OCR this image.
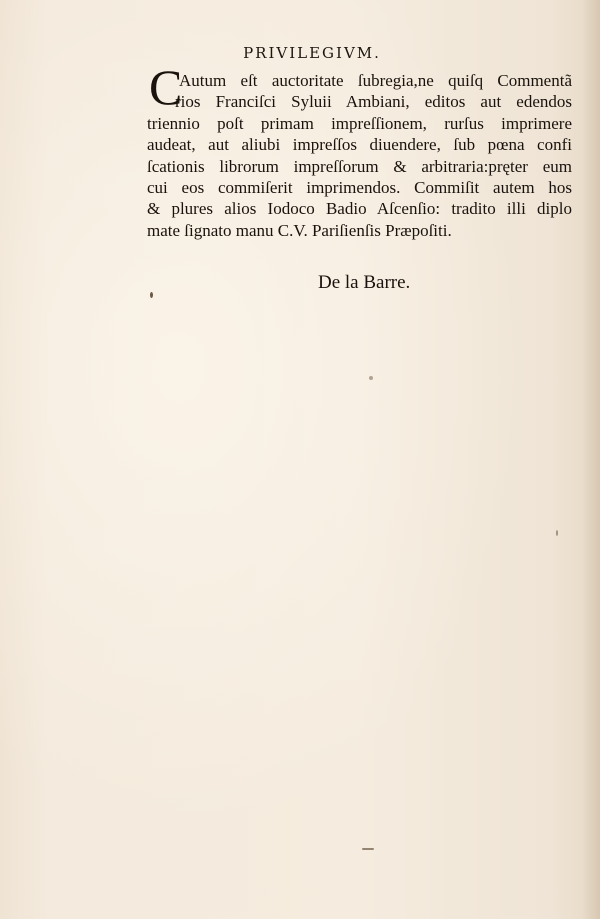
PRIVILEGIVM.
C
Autum eſt auctoritate ſubregia,ne quiſq Commentã
rios Franciſci Syluii Ambiani, editos aut edendos
triennio poſt primam impreſſionem, rurſus imprimere
audeat, aut aliubi impreſſos diuendere, ſub pœna confi
ſcationis librorum impreſſorum & arbitraria:pręter eum
cui eos commiſerit imprimendos. Commiſit autem hos
& plures alios Iodoco Badio Aſcenſio: tradito illi diplo
mate ſignato manu C.V. Pariſienſis Præpoſiti.
De la Barre.
